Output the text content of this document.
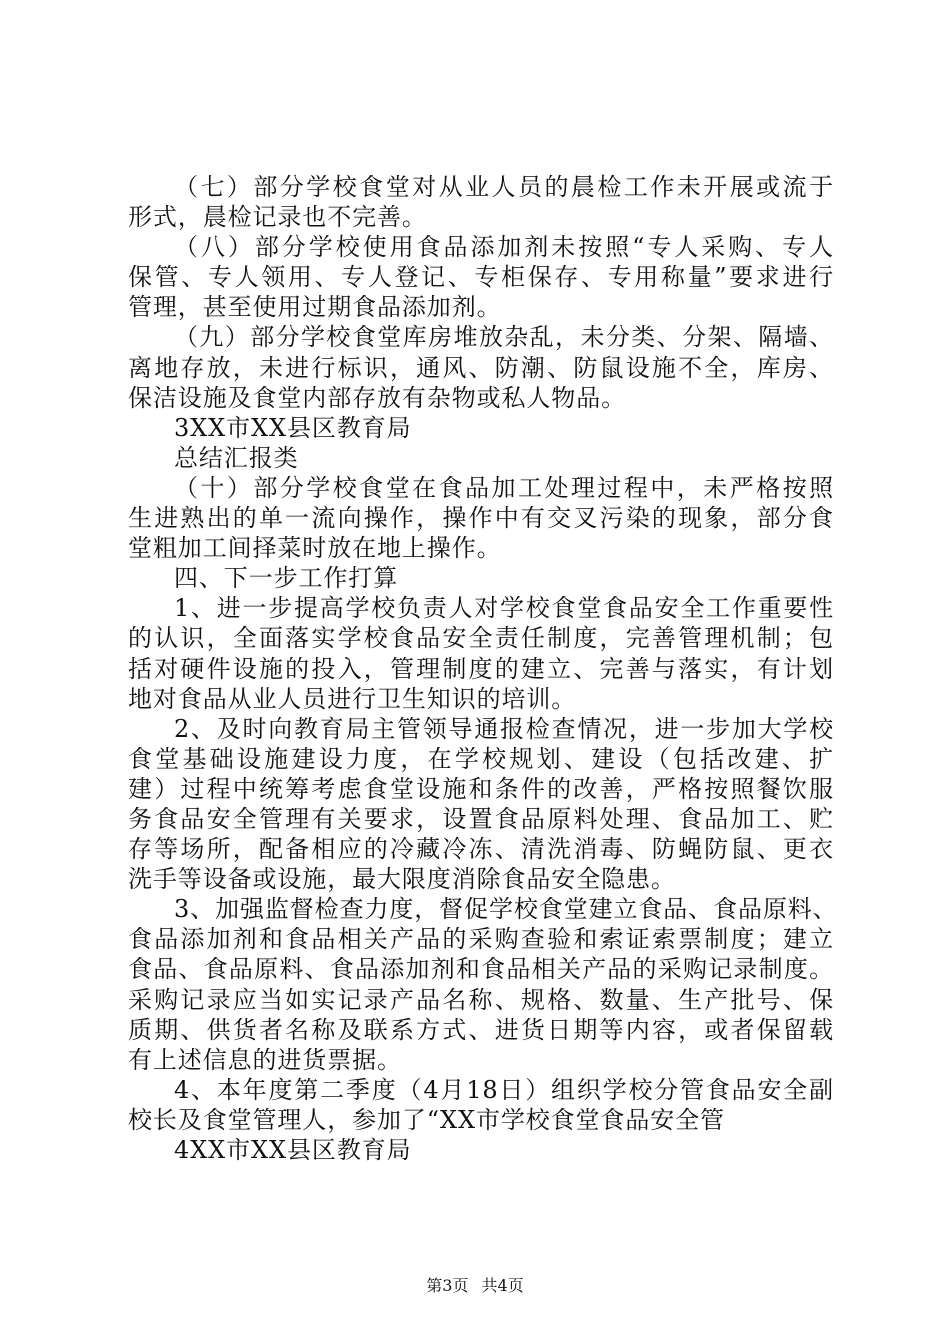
（七）部分学校食堂对从业人员的晨检工作未开展或流于
形式，晨检记录也不完善。
（八）部分学校使用食品添加剂未按照“专人采购、专人
保管、专人领用、专人登记、专柜保存、专用称量”要求进行
管理，甚至使用过期食品添加剂。
（九）部分学校食堂库房堆放杂乱，未分类、分架、隔墙、
离地存放，未进行标识，通风、防潮、防鼠设施不全，库房、
保洁设施及食堂内部存放有杂物或私人物品。
3XX市XX县区教育局
总结汇报类
（十）部分学校食堂在食品加工处理过程中，未严格按照
生进熟出的单一流向操作，操作中有交叉污染的现象，部分食
堂粗加工间择菜时放在地上操作。
四、下一步工作打算
1、进一步提高学校负责人对学校食堂食品安全工作重要性
的认识，全面落实学校食品安全责任制度，完善管理机制；包
括对硬件设施的投入，管理制度的建立、完善与落实，有计划
地对食品从业人员进行卫生知识的培训。
2、及时向教育局主管领导通报检查情况，进一步加大学校
食堂基础设施建设力度，在学校规划、建设（包括改建、扩
建）过程中统筹考虑食堂设施和条件的改善，严格按照餐饮服
务食品安全管理有关要求，设置食品原料处理、食品加工、贮
存等场所，配备相应的冷藏冷冻、清洗消毒、防蝇防鼠、更衣
洗手等设备或设施，最大限度消除食品安全隐患。
3、加强监督检查力度，督促学校食堂建立食品、食品原料、
食品添加剂和食品相关产品的采购查验和索证索票制度；建立
食品、食品原料、食品添加剂和食品相关产品的采购记录制度。
采购记录应当如实记录产品名称、规格、数量、生产批号、保
质期、供货者名称及联系方式、进货日期等内容，或者保留载
有上述信息的进货票据。
4、本年度第二季度（4月18日）组织学校分管食品安全副
校长及食堂管理人，参加了“XX市学校食堂食品安全管
4XX市XX县区教育局
第3页 共4页
